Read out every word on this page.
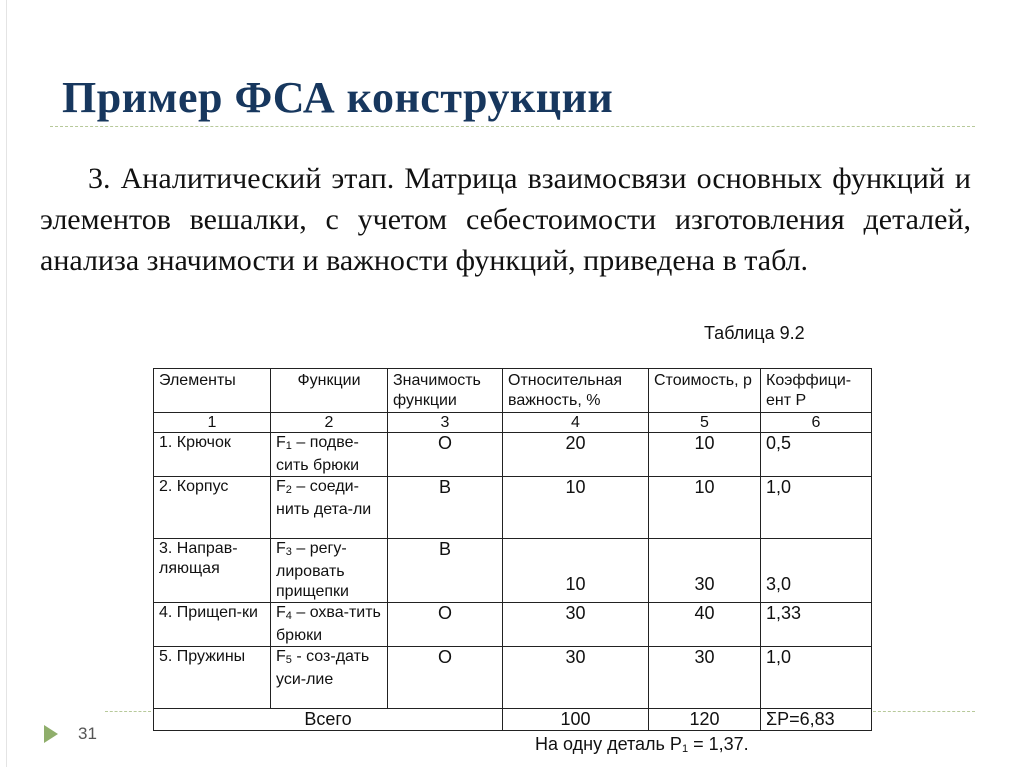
Пример ФСА конструкции

3. Аналитический этап. Матрица взаимосвязи основных функций и элементов вешалки, с учетом себестоимости изготовления деталей, анализа значимости и важности функций, приведена в табл.

Таблица 9.2
Элементы	Функции	Значимость функции	Относительная важность, %	Стоимость, р	Коэффици-ент Р
1	2	3	4	5	6
1. Крючок	F1 – подве-сить брюки	О	20	10	0,5
2. Корпус	F2 – соеди-нить дета-ли	В	10	10	1,0
3. Направ-ляющая	F3 – регу-лировать прищепки	В	10	30	3,0
4. Прищеп-ки	F4 – охва-тить брюки	О	30	40	1,33
5. Пружины	F5 - соз-дать уси-лие	О	30	30	1,0
Всего			100	120	ΣР=6,83
31
На одну деталь Р1 = 1,37.
